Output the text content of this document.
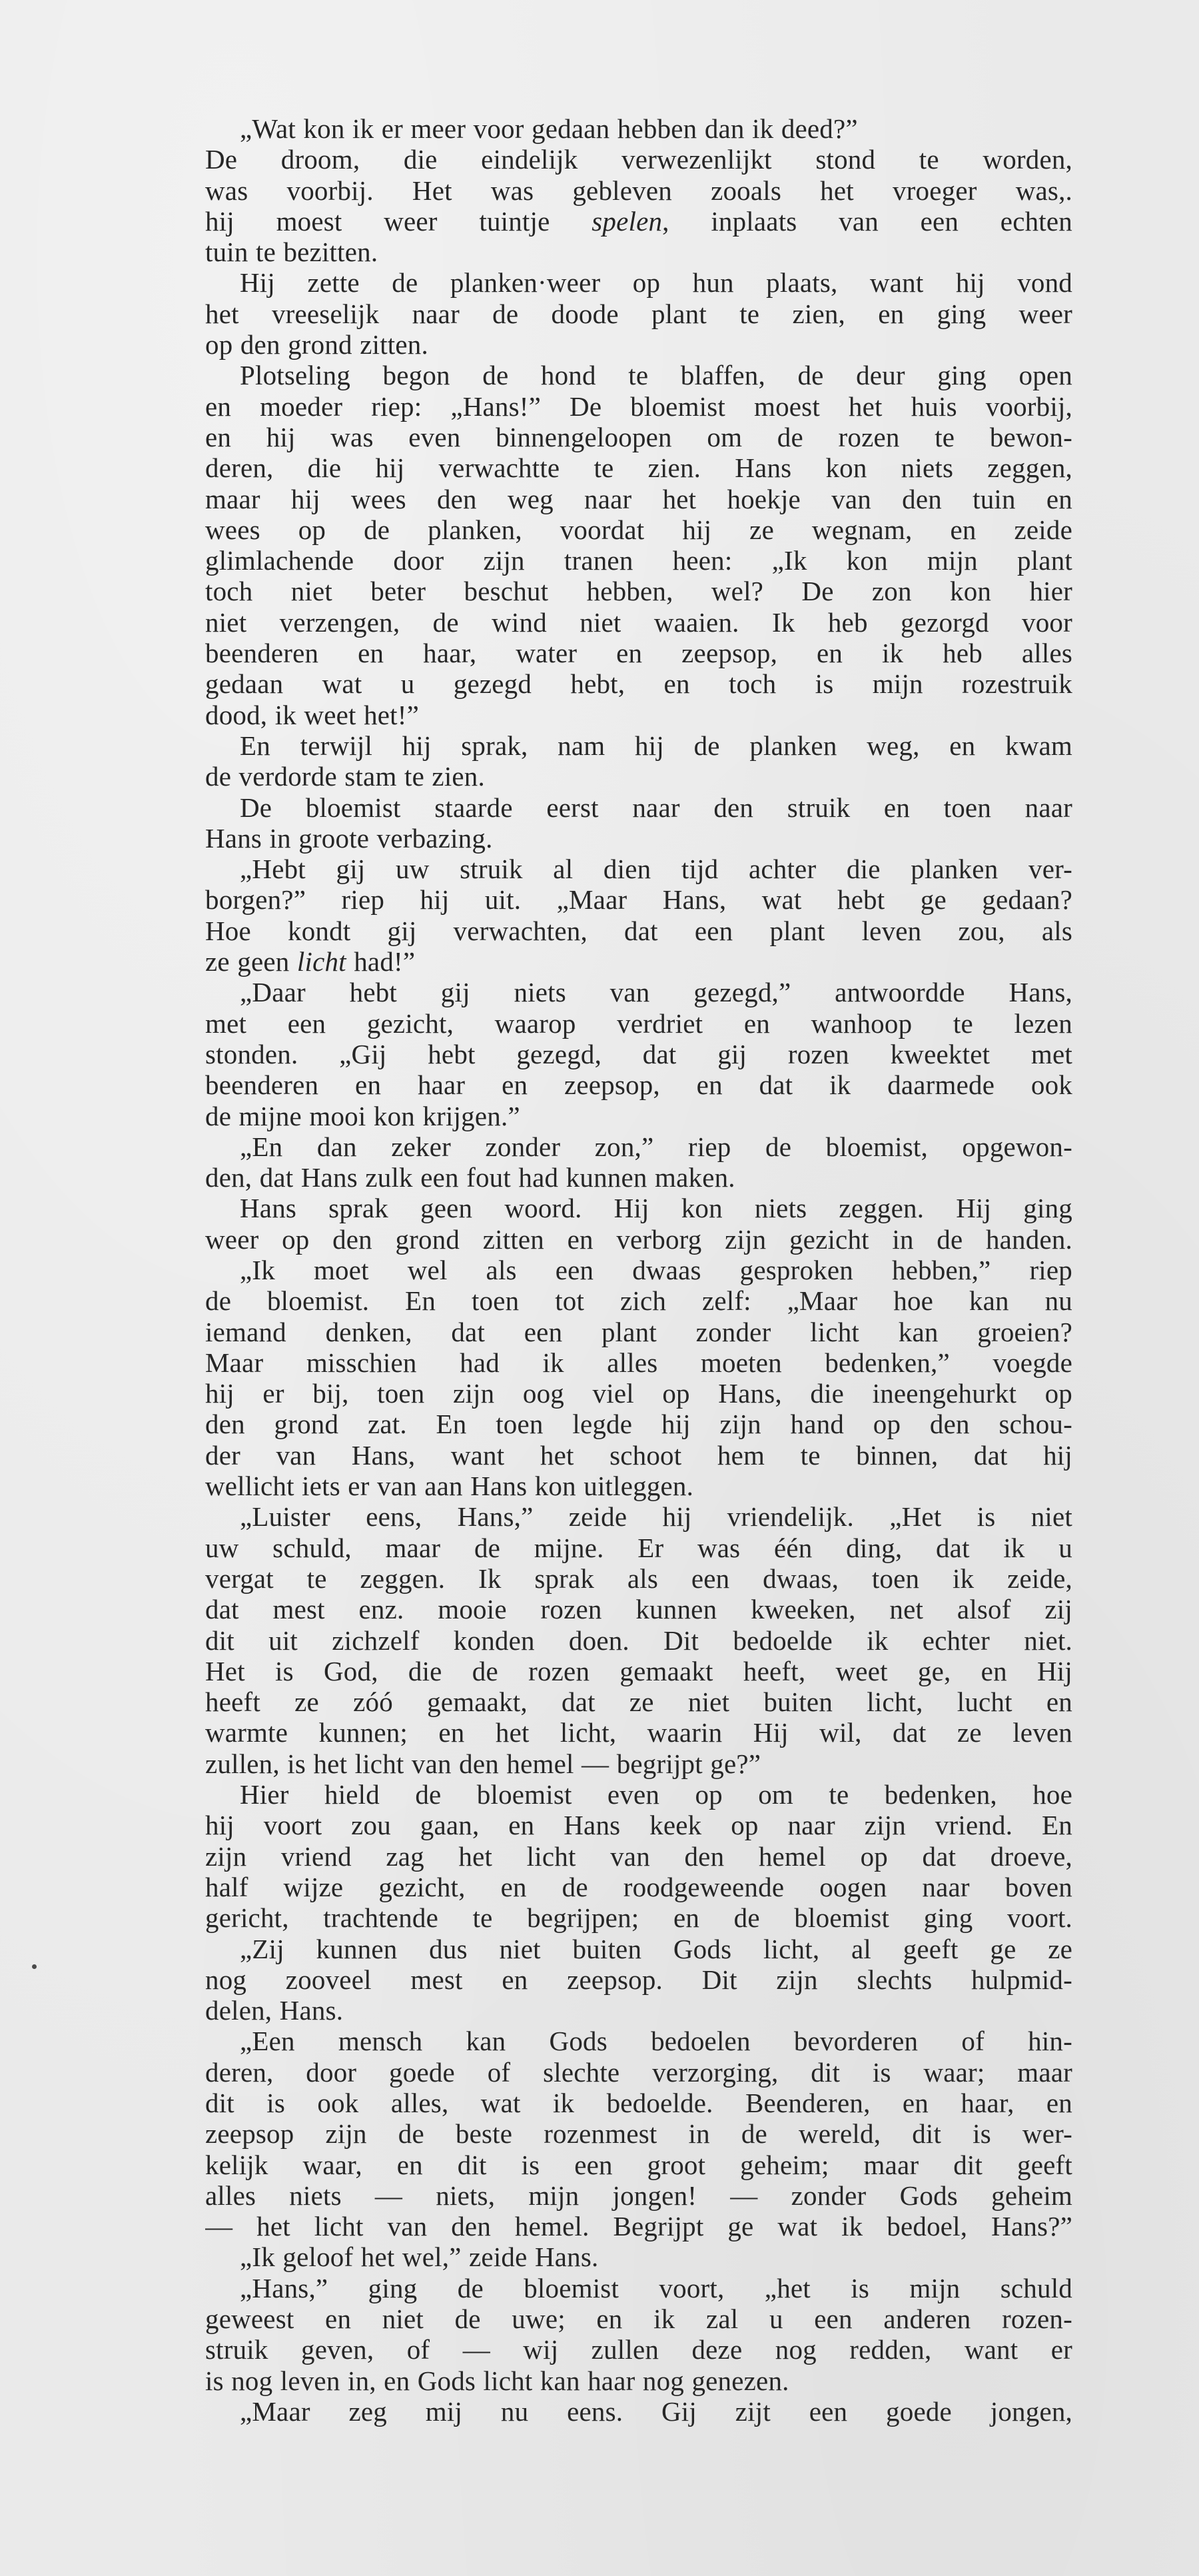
„Wat kon ik er meer voor gedaan hebben dan ik deed?”
De droom, die eindelijk verwezenlijkt stond te worden,
was voorbij. Het was gebleven zooals het vroeger was,.
hij moest weer tuintje spelen, inplaats van een echten
tuin te bezitten.
Hij zette de planken·weer op hun plaats, want hij vond
het vreeselijk naar de doode plant te zien, en ging weer
op den grond zitten.
Plotseling begon de hond te blaffen, de deur ging open
en moeder riep: „Hans!” De bloemist moest het huis voorbij,
en hij was even binnengeloopen om de rozen te bewon-
deren, die hij verwachtte te zien. Hans kon niets zeggen,
maar hij wees den weg naar het hoekje van den tuin en
wees op de planken, voordat hij ze wegnam, en zeide
glimlachende door zijn tranen heen: „Ik kon mijn plant
toch niet beter beschut hebben, wel? De zon kon hier
niet verzengen, de wind niet waaien. Ik heb gezorgd voor
beenderen en haar, water en zeepsop, en ik heb alles
gedaan wat u gezegd hebt, en toch is mijn rozestruik
dood, ik weet het!”
En terwijl hij sprak, nam hij de planken weg, en kwam
de verdorde stam te zien.
De bloemist staarde eerst naar den struik en toen naar
Hans in groote verbazing.
„Hebt gij uw struik al dien tijd achter die planken ver-
borgen?” riep hij uit. „Maar Hans, wat hebt ge gedaan?
Hoe kondt gij verwachten, dat een plant leven zou, als
ze geen licht had!”
„Daar hebt gij niets van gezegd,” antwoordde Hans,
met een gezicht, waarop verdriet en wanhoop te lezen
stonden. „Gij hebt gezegd, dat gij rozen kweektet met
beenderen en haar en zeepsop, en dat ik daarmede ook
de mijne mooi kon krijgen.”
„En dan zeker zonder zon,” riep de bloemist, opgewon-
den, dat Hans zulk een fout had kunnen maken.
Hans sprak geen woord. Hij kon niets zeggen. Hij ging
weer op den grond zitten en verborg zijn gezicht in de handen.
„Ik moet wel als een dwaas gesproken hebben,” riep
de bloemist. En toen tot zich zelf: „Maar hoe kan nu
iemand denken, dat een plant zonder licht kan groeien?
Maar misschien had ik alles moeten bedenken,” voegde
hij er bij, toen zijn oog viel op Hans, die ineengehurkt op
den grond zat. En toen legde hij zijn hand op den schou-
der van Hans, want het schoot hem te binnen, dat hij
wellicht iets er van aan Hans kon uitleggen.
„Luister eens, Hans,” zeide hij vriendelijk. „Het is niet
uw schuld, maar de mijne. Er was één ding, dat ik u
vergat te zeggen. Ik sprak als een dwaas, toen ik zeide,
dat mest enz. mooie rozen kunnen kweeken, net alsof zij
dit uit zichzelf konden doen. Dit bedoelde ik echter niet.
Het is God, die de rozen gemaakt heeft, weet ge, en Hij
heeft ze zóó gemaakt, dat ze niet buiten licht, lucht en
warmte kunnen; en het licht, waarin Hij wil, dat ze leven
zullen, is het licht van den hemel — begrijpt ge?”
Hier hield de bloemist even op om te bedenken, hoe
hij voort zou gaan, en Hans keek op naar zijn vriend. En
zijn vriend zag het licht van den hemel op dat droeve,
half wijze gezicht, en de roodgeweende oogen naar boven
gericht, trachtende te begrijpen; en de bloemist ging voort.
„Zij kunnen dus niet buiten Gods licht, al geeft ge ze
nog zooveel mest en zeepsop. Dit zijn slechts hulpmid-
delen, Hans.
„Een mensch kan Gods bedoelen bevorderen of hin-
deren, door goede of slechte verzorging, dit is waar; maar
dit is ook alles, wat ik bedoelde. Beenderen, en haar, en
zeepsop zijn de beste rozenmest in de wereld, dit is wer-
kelijk waar, en dit is een groot geheim; maar dit geeft
alles niets — niets, mijn jongen! — zonder Gods geheim
— het licht van den hemel. Begrijpt ge wat ik bedoel, Hans?”
„Ik geloof het wel,” zeide Hans.
„Hans,” ging de bloemist voort, „het is mijn schuld
geweest en niet de uwe; en ik zal u een anderen rozen-
struik geven, of — wij zullen deze nog redden, want er
is nog leven in, en Gods licht kan haar nog genezen.
„Maar zeg mij nu eens. Gij zijt een goede jongen,
